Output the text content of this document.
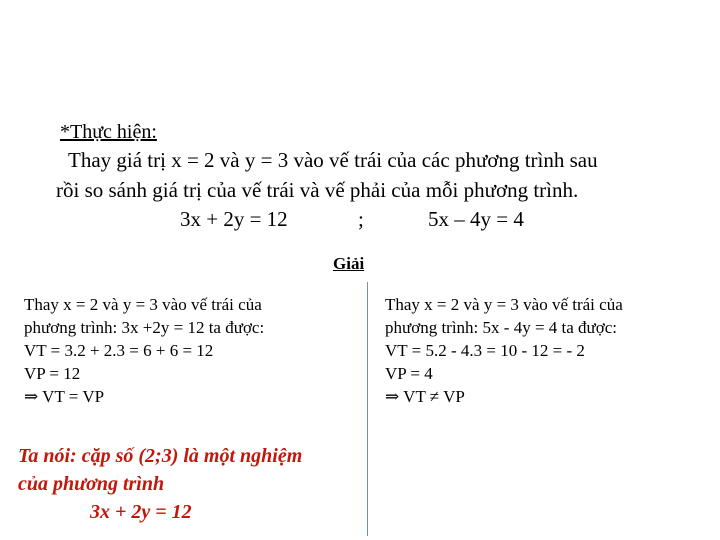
*Thực hiện:
Thay giá trị x = 2 và y = 3 vào vế trái của các phương trình sau
rồi so sánh giá trị của vế trái và vế phải của mỗi phương trình.
3x + 2y = 12	;	5x – 4y = 4
Giải
Thay x = 2 và y = 3 vào vế trái của
phương trình: 3x +2y = 12 ta được:
VT = 3.2 + 2.3 = 6 + 6 = 12
VP = 12
⇒ VT = VP
Thay x = 2 và y = 3 vào vế trái của
phương trình: 5x - 4y = 4 ta được:
VT = 5.2 - 4.3 = 10 - 12 = - 2
VP = 4
⇒ VT ≠ VP
Ta nói: cặp số (2;3) là một nghiệm
của phương trình
3x + 2y = 12
